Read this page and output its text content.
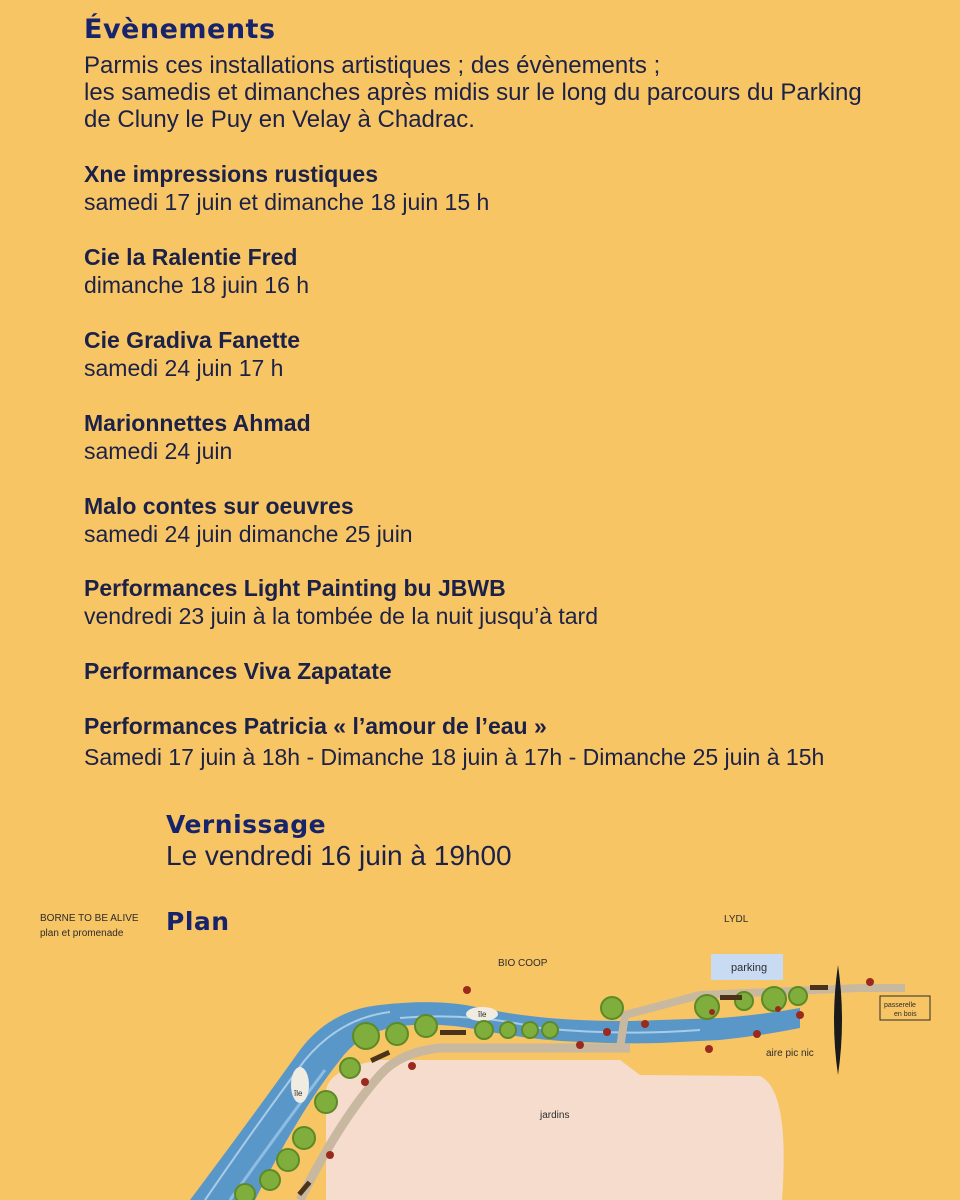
Évènements
Parmis ces installations artistiques ; des évènements ;
les samedis et dimanches après midis sur le long du parcours du Parking
de Cluny le Puy en Velay à Chadrac.
Xne impressions rustiques
samedi 17 juin et dimanche 18 juin 15 h
Cie la Ralentie Fred
dimanche 18 juin 16 h
Cie Gradiva Fanette
samedi 24 juin 17 h
Marionnettes Ahmad
samedi 24 juin
Malo contes sur oeuvres
samedi 24 juin dimanche 25 juin
Performances Light Painting bu JBWB
vendredi 23 juin à la tombée de la nuit jusqu’à tard
Performances Viva Zapatate
Performances Patricia « l’amour de l’eau »
Samedi 17 juin à 18h - Dimanche 18 juin à 17h - Dimanche 25 juin à 15h
Vernissage
Le vendredi 16 juin à 19h00
BORNE TO BE ALIVE
plan et promenade Plan	LYDL
BIO COOP	parking
île
île
passerelle
en bois
aire pic nic
jardins
